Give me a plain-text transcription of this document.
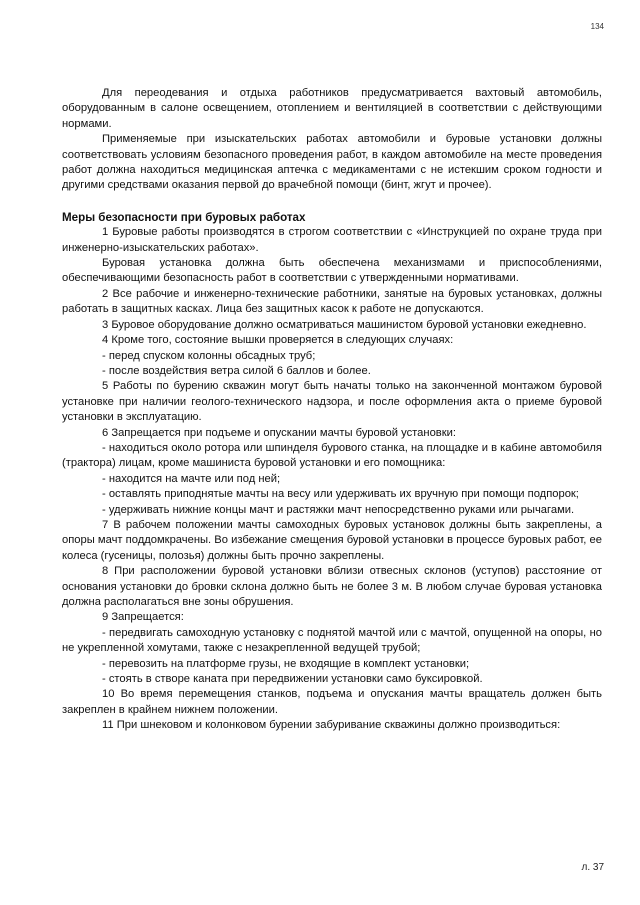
134

Для переодевания и отдыха работников предусматривается вахтовый автомобиль, оборудованным в салоне освещением, отоплением и вентиляцией в соответствии с действующими нормами.

Применяемые при изыскательских работах автомобили и буровые установки должны соответствовать условиям безопасного проведения работ, в каждом автомобиле на месте проведения работ должна находиться медицинская аптечка с медикаментами с не истекшим сроком годности и другими средствами оказания первой до врачебной помощи (бинт, жгут и прочее).

Меры безопасности при буровых работах

1 Буровые работы производятся в строгом соответствии с «Инструкцией по охране труда при инженерно-изыскательских работах».

Буровая установка должна быть обеспечена механизмами и приспособлениями, обеспечивающими безопасность работ в соответствии с утвержденными нормативами.

2 Все рабочие и инженерно-технические работники, занятые на буровых установках, должны работать в защитных касках. Лица без защитных касок к работе не допускаются.

3 Буровое оборудование должно осматриваться машинистом буровой установки ежедневно.

4 Кроме того, состояние вышки проверяется в следующих случаях:

- перед спуском колонны обсадных труб;

- после воздействия ветра силой 6 баллов и более.

5 Работы по бурению скважин могут быть начаты только на законченной монтажом буровой установке при наличии геолого-технического надзора, и после оформления акта о приеме буровой установки в эксплуатацию.

6 Запрещается при подъеме и опускании мачты буровой установки:

- находиться около ротора или шпинделя бурового станка, на площадке и в кабине автомобиля (трактора) лицам, кроме машиниста буровой установки и его помощника:

- находится на мачте или под ней;

- оставлять приподнятые мачты на весу или удерживать их вручную при помощи подпорок;

- удерживать нижние концы мачт и растяжки мачт непосредственно руками или рычагами.

7 В рабочем положении мачты самоходных буровых установок должны быть закреплены, а опоры мачт поддомкрачены. Во избежание смещения буровой установки в процессе буровых работ, ее колеса (гусеницы, полозья) должны быть прочно закреплены.

8 При расположении буровой установки вблизи отвесных склонов (уступов) расстояние от основания установки до бровки склона должно быть не более 3 м. В любом случае буровая установка должна располагаться вне зоны обрушения.

9 Запрещается:

- передвигать самоходную установку с поднятой мачтой или с мачтой, опущенной на опоры, но не укрепленной хомутами, также с незакрепленной ведущей трубой;

- перевозить на платформе грузы, не входящие в комплект установки;

- стоять в створе каната при передвижении установки само буксировкой.

10 Во время перемещения станков, подъема и опускания мачты вращатель должен быть закреплен в крайнем нижнем положении.

11 При шнековом и колонковом бурении забуривание скважины должно производиться:

л. 37
